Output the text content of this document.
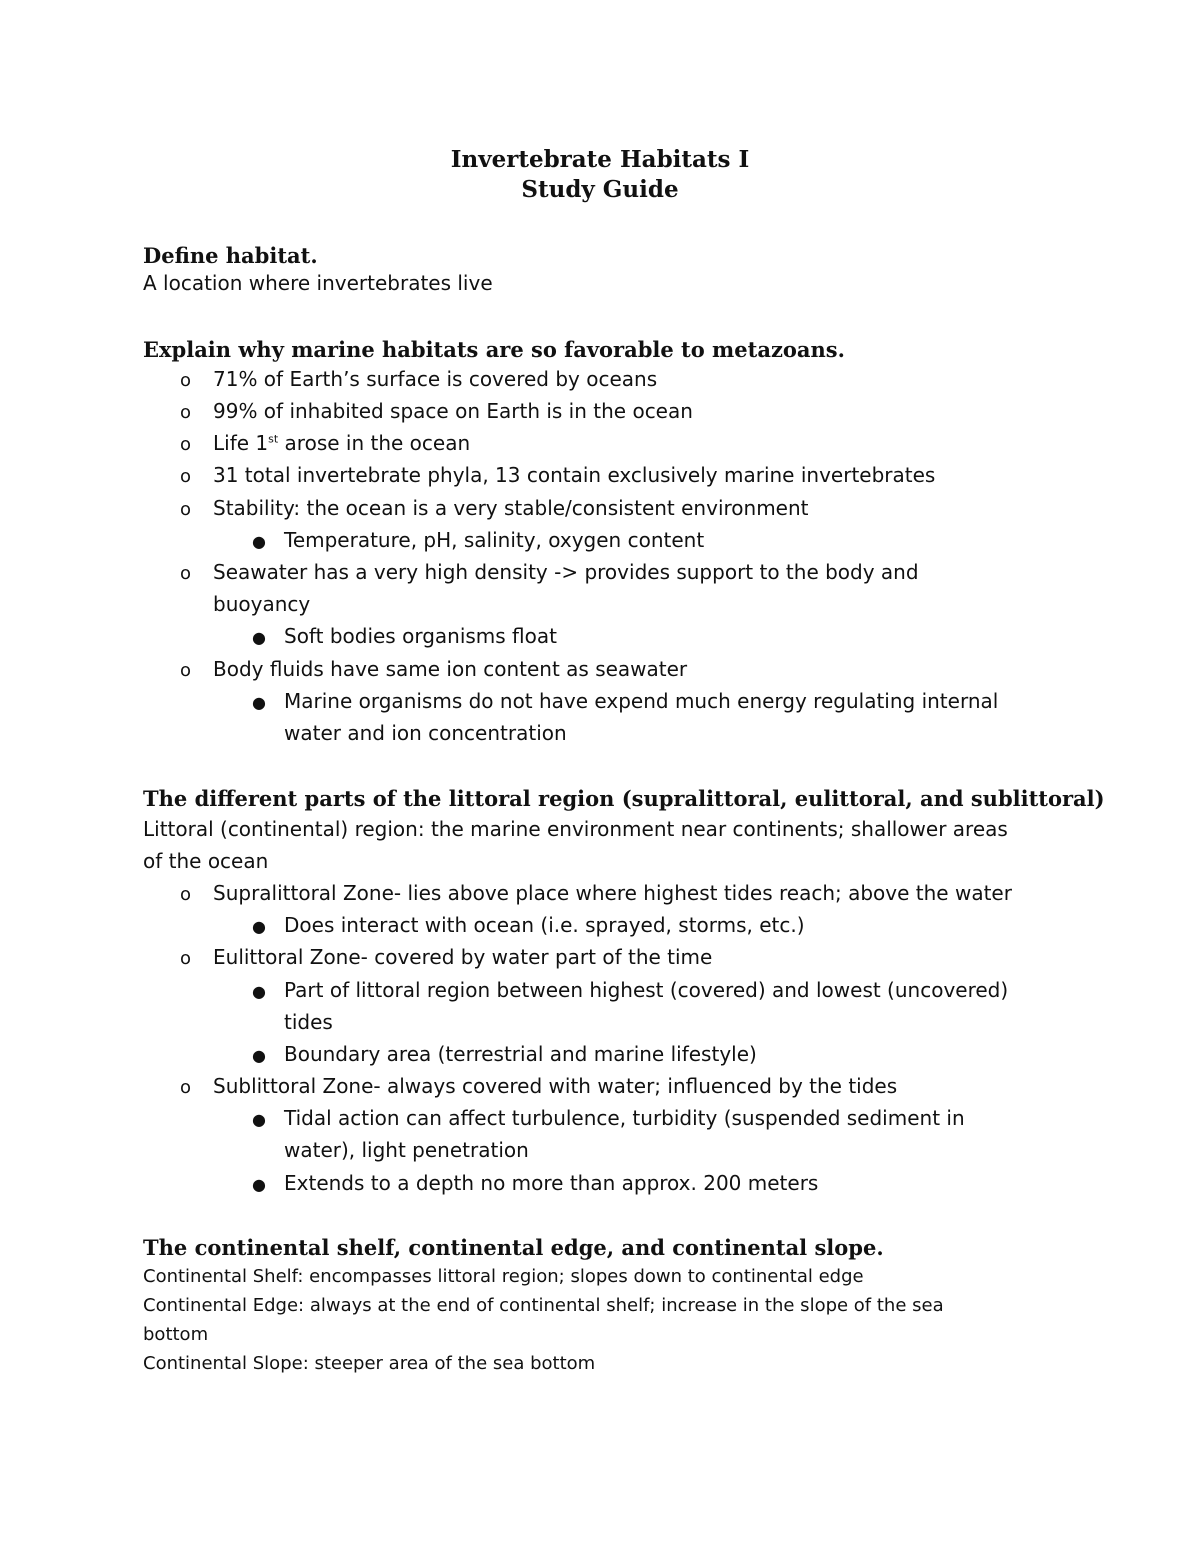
Invertebrate Habitats I
Study Guide
Define habitat.
A location where invertebrates live
Explain why marine habitats are so favorable to metazoans.
o 71% of Earth’s surface is covered by oceans
o 99% of inhabited space on Earth is in the ocean
o Life 1st arose in the ocean
o 31 total invertebrate phyla, 13 contain exclusively marine invertebrates
o Stability: the ocean is a very stable/consistent environment
● Temperature, pH, salinity, oxygen content
o Seawater has a very high density -> provides support to the body and
buoyancy
● Soft bodies organisms float
o Body fluids have same ion content as seawater
● Marine organisms do not have expend much energy regulating internal
water and ion concentration
The different parts of the littoral region (supralittoral, eulittoral, and sublittoral)
Littoral (continental) region: the marine environment near continents; shallower areas
of the ocean
o Supralittoral Zone- lies above place where highest tides reach; above the water
● Does interact with ocean (i.e. sprayed, storms, etc.)
o Eulittoral Zone- covered by water part of the time
● Part of littoral region between highest (covered) and lowest (uncovered)
tides
● Boundary area (terrestrial and marine lifestyle)
o Sublittoral Zone- always covered with water; influenced by the tides
● Tidal action can affect turbulence, turbidity (suspended sediment in
water), light penetration
● Extends to a depth no more than approx. 200 meters
The continental shelf, continental edge, and continental slope.
Continental Shelf: encompasses littoral region; slopes down to continental edge
Continental Edge: always at the end of continental shelf; increase in the slope of the sea
bottom
Continental Slope: steeper area of the sea bottom
